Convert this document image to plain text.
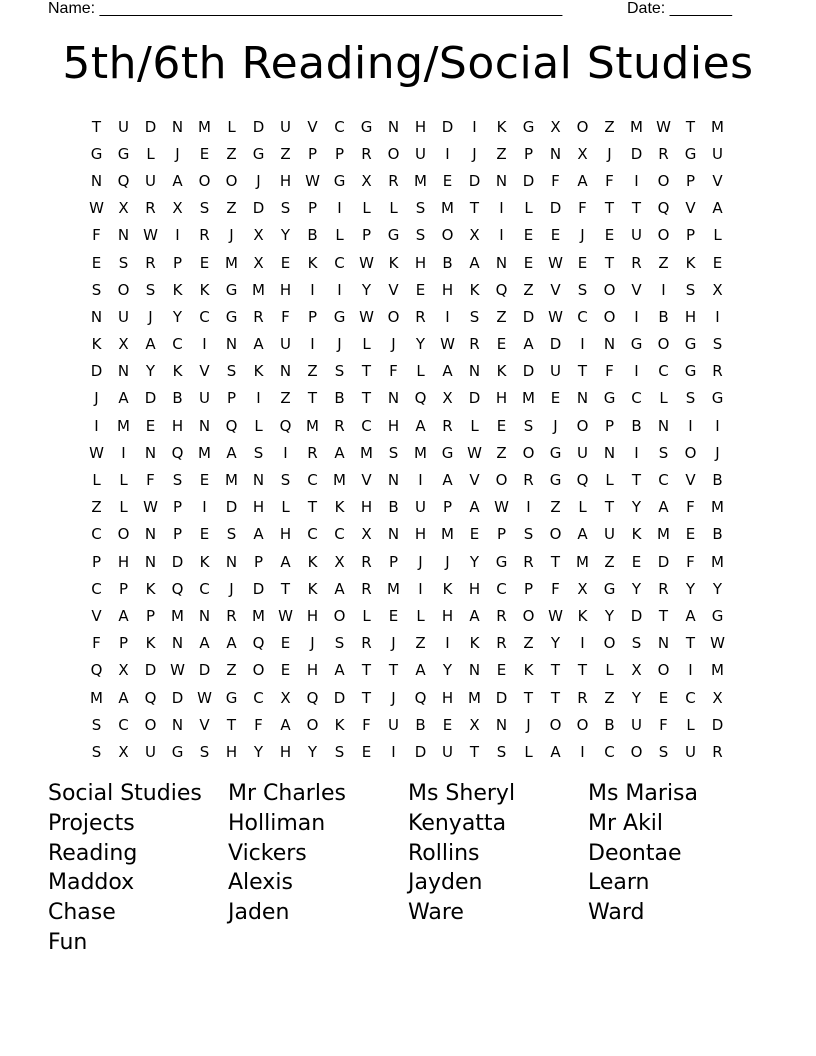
Name: ____________________________________________________	Date: _______
5th/6th Reading/Social Studies
T	U	D	N M	L	D	U	V	C	G	N	H	D	I	K	G	X	O	Z	M W T	M
G	G	L	J	E	Z	G	Z	P	P	R	O	U	I	J	Z	P	N	X	J	D	R	G	U
N	Q	U	A	O	O	J	H W G	X	R	M	E	D	N	D	F	A	F	I	O	P	V
W X	R	X	S	Z	D	S	P	I	L	L	S	M	T	I	L	D	F	T	T	Q	V	A
F	N W	I	R	J	X	Y	B	L	P	G	S	O	X	I	E	E	J	E	U	O	P	L
E	S	R	P	E	M	X	E	K	C W K	H	B	A	N	E W E	T	R	Z	K	E
S	O	S	K	K	G M H	I	I	Y	V	E	H	K	Q	Z	V	S	O	V	I	S	X
N	U	J	Y	C	G	R	F	P	G W O	R	I	S	Z	D W C	O	I	B	H	I
K	X	A	C	I	N	A	U	I	J	L	J	Y	W R	E	A	D	I	N	G	O	G	S
D	N	Y	K	V	S	K	N	Z	S	T	F	L	A	N	K	D	U	T	F	I	C	G	R
J	A	D	B	U	P	I	Z	T	B	T	N	Q	X	D	H M	E	N	G	C	L	S	G
I	M	E	H	N	Q	L	Q M	R	C	H	A	R	L	E	S	J	O	P	B	N	I	I
W	I	N	Q M	A	S	I	R	A	M	S	M G W Z	O	G	U	N	I	S	O	J
L	L	F	S	E	M N	S	C	M	V	N	I	A	V	O	R	G	Q	L	T	C	V	B
Z	L	W	P	I	D	H	L	T	K	H	B	U	P	A W	I	Z	L	T	Y	A	F	M
C	O	N	P	E	S	A	H	C	C	X	N	H M	E	P	S	O	A	U	K	M	E	B
P	H	N	D	K	N	P	A	K	X	R	P	J	J	Y	G	R	T	M	Z	E	D	F	M
C	P	K	Q	C	J	D	T	K	A	R	M	I	K	H	C	P	F	X	G	Y	R	Y	Y
V	A	P	M N	R	M W H	O	L	E	L	H	A	R	O W K	Y	D	T	A	G
F	P	K	N	A	A	Q	E	J	S	R	J	Z	I	K	R	Z	Y	I	O	S	N	T	W
Q	X	D W D	Z	O	E	H	A	T	T	A	Y	N	E	K	T	T	L	X	O	I	M
M	A	Q	D W G	C	X	Q	D	T	J	Q	H M D	T	T	R	Z	Y	E	C	X
S	C	O	N	V	T	F	A	O	K	F	U	B	E	X	N	J	O	O	B	U	F	L	D
S	X	U	G	S	H	Y	H	Y	S	E	I	D	U	T	S	L	A	I	C	O	S	U	R
Social Studies	Mr Charles	Ms Sheryl	Ms Marisa
Projects	Holliman	Kenyatta	Mr Akil
Reading	Vickers	Rollins	Deontae
Maddox	Alexis	Jayden	Learn
Chase	Jaden	Ware	Ward
Fun
